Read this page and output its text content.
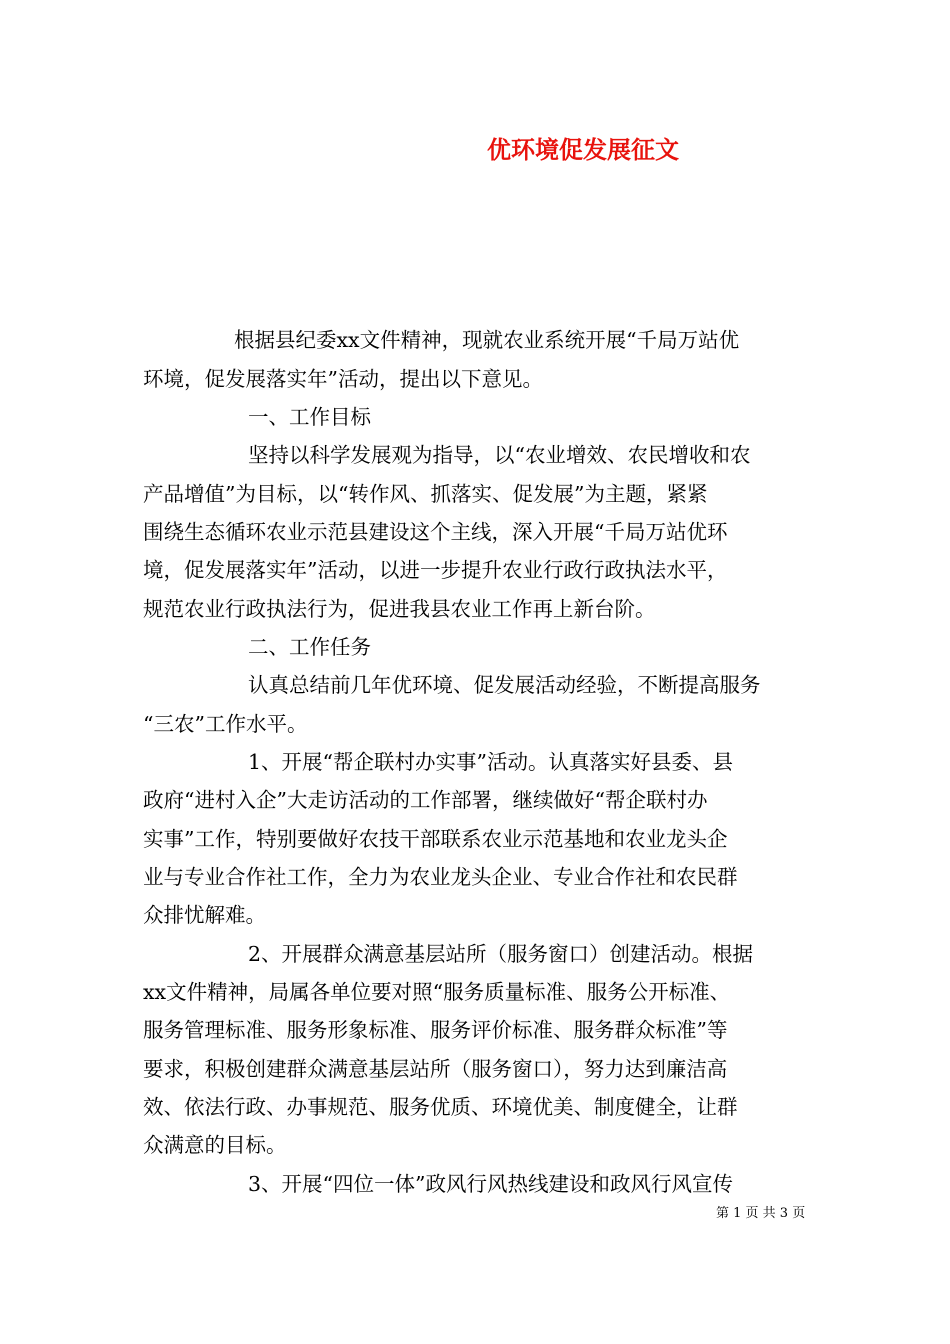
优环境促发展征文
根据县纪委xx文件精神，现就农业系统开展“千局万站优
环境，促发展落实年”活动，提出以下意见。
一、工作目标
坚持以科学发展观为指导，以“农业增效、农民增收和农
产品增值”为目标，以“转作风、抓落实、促发展”为主题，紧紧
围绕生态循环农业示范县建设这个主线，深入开展“千局万站优环
境，促发展落实年”活动，以进一步提升农业行政行政执法水平，
规范农业行政执法行为，促进我县农业工作再上新台阶。
二、工作任务
认真总结前几年优环境、促发展活动经验，不断提高服务
“三农”工作水平。
1、开展“帮企联村办实事”活动。认真落实好县委、县
政府“进村入企”大走访活动的工作部署，继续做好“帮企联村办
实事”工作，特别要做好农技干部联系农业示范基地和农业龙头企
业与专业合作社工作，全力为农业龙头企业、专业合作社和农民群
众排忧解难。
2、开展群众满意基层站所（服务窗口）创建活动。根据
xx文件精神，局属各单位要对照“服务质量标准、服务公开标准、
服务管理标准、服务形象标准、服务评价标准、服务群众标准”等
要求，积极创建群众满意基层站所（服务窗口），努力达到廉洁高
效、依法行政、办事规范、服务优质、环境优美、制度健全，让群
众满意的目标。
3、开展“四位一体”政风行风热线建设和政风行风宣传
第 1 页 共 3 页
